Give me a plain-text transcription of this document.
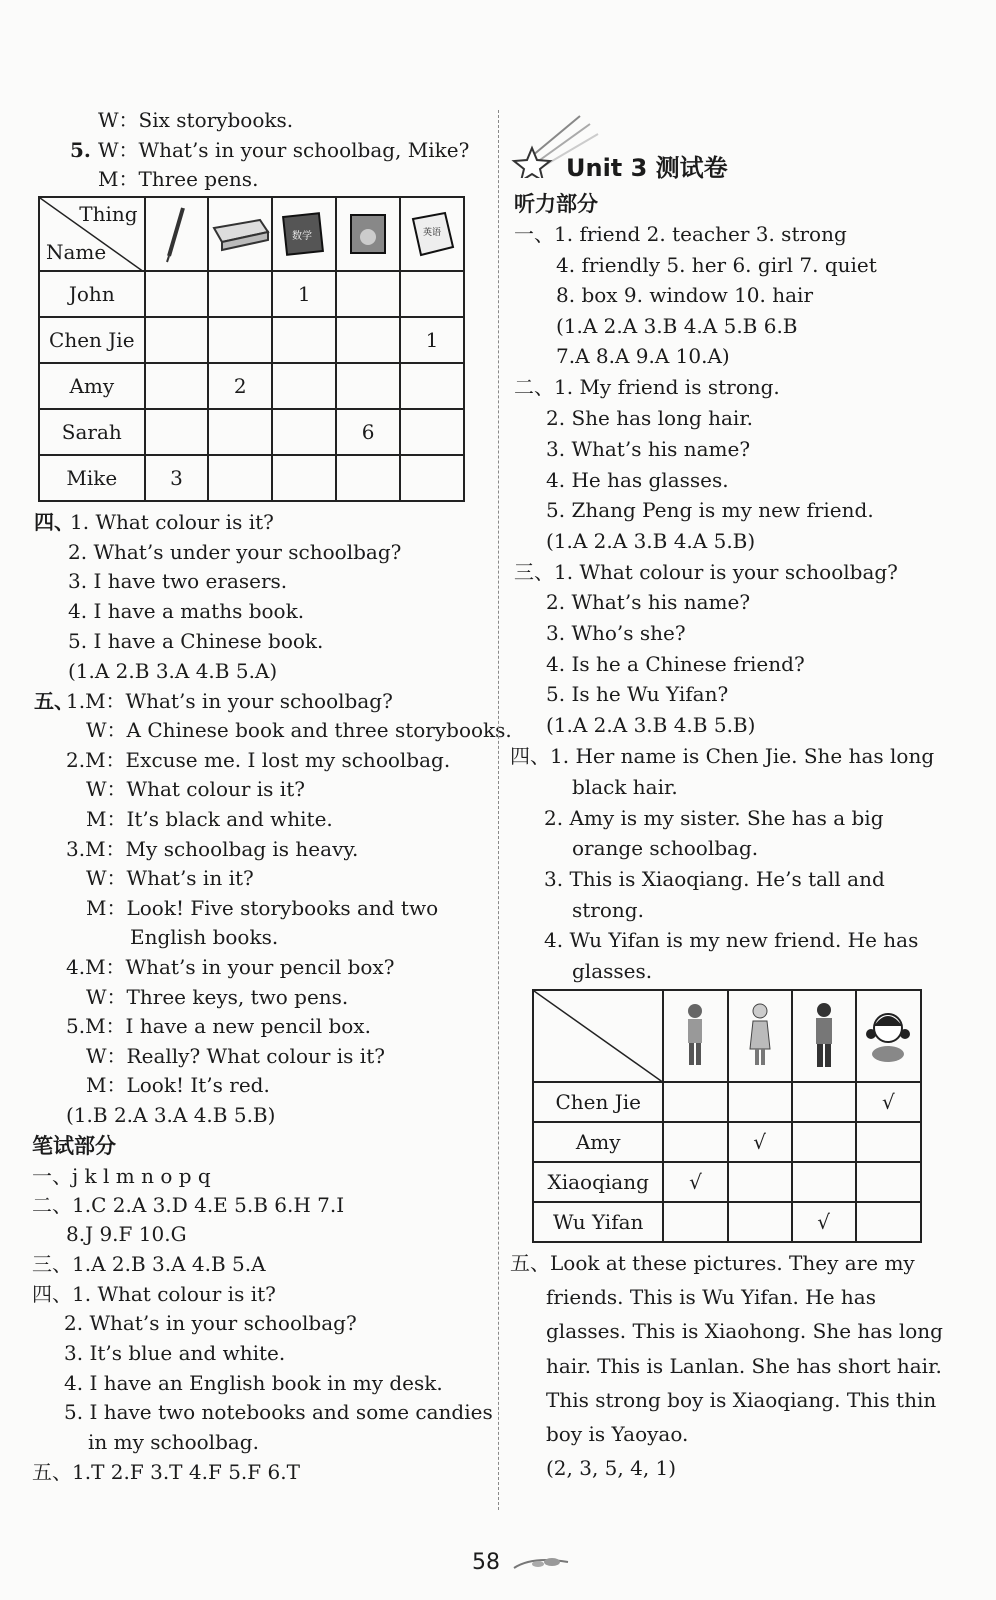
W：Six storybooks.
5. W：What’s in your schoolbag, Mike?
M：Three pens.
Thing
Name			数学		英语

John			1		
Chen Jie					1
Amy		2			
Sarah				6	
Mike	3				
四、
1. What colour is it?
2. What’s under your schoolbag?
3. I have two erasers.
4. I have a maths book.
5. I have a Chinese book.
(1.A 2.B 3.A 4.B 5.A)
五、
1.M：What’s in your schoolbag?
W：A Chinese book and three storybooks.
2.M：Excuse me. I lost my schoolbag.
W：What colour is it?
M：It’s black and white.
3.M：My schoolbag is heavy.
W：What’s in it?
M：Look! Five storybooks and two
English books.
4.M：What’s in your pencil box?
W：Three keys, two pens.
5.M：I have a new pencil box.
W：Really? What colour is it?
M：Look! It’s red.
(1.B 2.A 3.A 4.B 5.B)
笔试部分
一、j k l m n o p q
二、1.C 2.A 3.D 4.E 5.B 6.H 7.I
8.J 9.F 10.G
三、1.A 2.B 3.A 4.B 5.A
四、1. What colour is it?
2. What’s in your schoolbag?
3. It’s blue and white.
4. I have an English book in my desk.
5. I have two notebooks and some candies
in my schoolbag.
五、1.T 2.F 3.T 4.F 5.F 6.T
Unit 3 测试卷
听力部分
一、1. friend 2. teacher 3. strong
4. friendly 5. her 6. girl 7. quiet
8. box 9. window 10. hair
(1.A 2.A 3.B 4.A 5.B 6.B
7.A 8.A 9.A 10.A)
二、1. My friend is strong.
2. She has long hair.
3. What’s his name?
4. He has glasses.
5. Zhang Peng is my new friend.
(1.A 2.A 3.B 4.A 5.B)
三、1. What colour is your schoolbag?
2. What’s his name?
3. Who’s she?
4. Is he a Chinese friend?
5. Is he Wu Yifan?
(1.A 2.A 3.B 4.B 5.B)
四、1. Her name is Chen Jie. She has long
black hair.
2. Amy is my sister. She has a big
orange schoolbag.
3. This is Xiaoqiang. He’s tall and
strong.
4. Wu Yifan is my new friend. He has
glasses.

Chen Jie				√
Amy		√		
Xiaoqiang	√			
Wu Yifan			√	
五、Look at these pictures. They are my
friends. This is Wu Yifan. He has
glasses. This is Xiaohong. She has long
hair. This is Lanlan. She has short hair.
This strong boy is Xiaoqiang. This thin
boy is Yaoyao.
(2, 3, 5, 4, 1)
58
